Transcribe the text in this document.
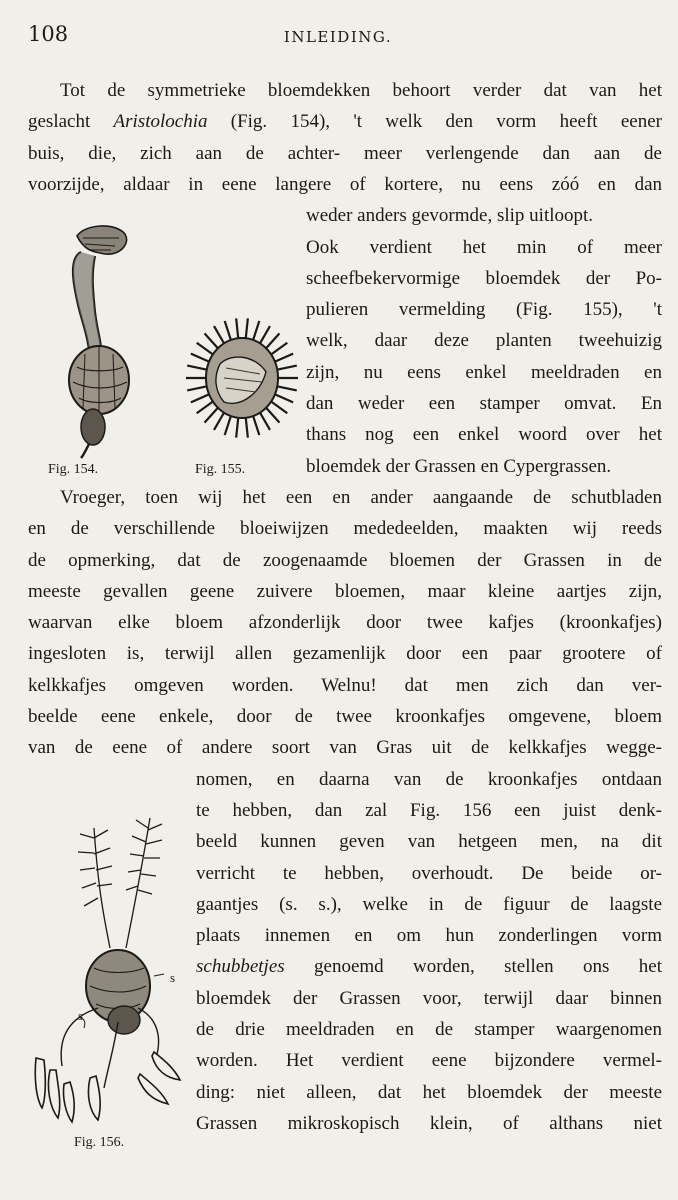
108	INLEIDING.
Tot de symmetrieke bloemdekken behoort verder dat van het
geslacht Aristolochia (Fig. 154), 't welk den vorm heeft eener
buis, die, zich aan de achter- meer verlengende dan aan de
voorzijde, aldaar in eene langere of kortere, nu eens zóó en dan
weder anders gevormde, slip uitloopt.
Ook verdient het min of meer
scheefbekervormige bloemdek der Po-
pulieren vermelding (Fig. 155), 't
welk, daar deze planten tweehuizig
zijn, nu eens enkel meeldraden en
dan weder een stamper omvat. En
thans nog een enkel woord over het
bloemdek der Grassen en Cypergrassen.
Vroeger, toen wij het een en ander aangaande de schutbladen
en de verschillende bloeiwijzen mededeelden, maakten wij reeds
de opmerking, dat de zoogenaamde bloemen der Grassen in de
meeste gevallen geene zuivere bloemen, maar kleine aartjes zijn,
waarvan elke bloem afzonderlijk door twee kafjes (kroonkafjes)
ingesloten is, terwijl allen gezamenlijk door een paar grootere of
kelkkafjes omgeven worden. Welnu! dat men zich dan ver-
beelde eene enkele, door de twee kroonkafjes omgevene, bloem
van de eene of andere soort van Gras uit de kelkkafjes wegge-
nomen, en daarna van de kroonkafjes ontdaan
te hebben, dan zal Fig. 156 een juist denk-
beeld kunnen geven van hetgeen men, na dit
verricht te hebben, overhoudt. De beide or-
gaantjes (s. s.), welke in de figuur de laagste
plaats innemen en om hun zonderlingen vorm
schubbetjes genoemd worden, stellen ons het
bloemdek der Grassen voor, terwijl daar binnen
de drie meeldraden en de stamper waargenomen
worden. Het verdient eene bijzondere vermel-
ding: niet alleen, dat het bloemdek der meeste
Grassen mikroskopisch klein, of althans niet
Fig. 154.	Fig. 155.
s
s
Fig. 156.
